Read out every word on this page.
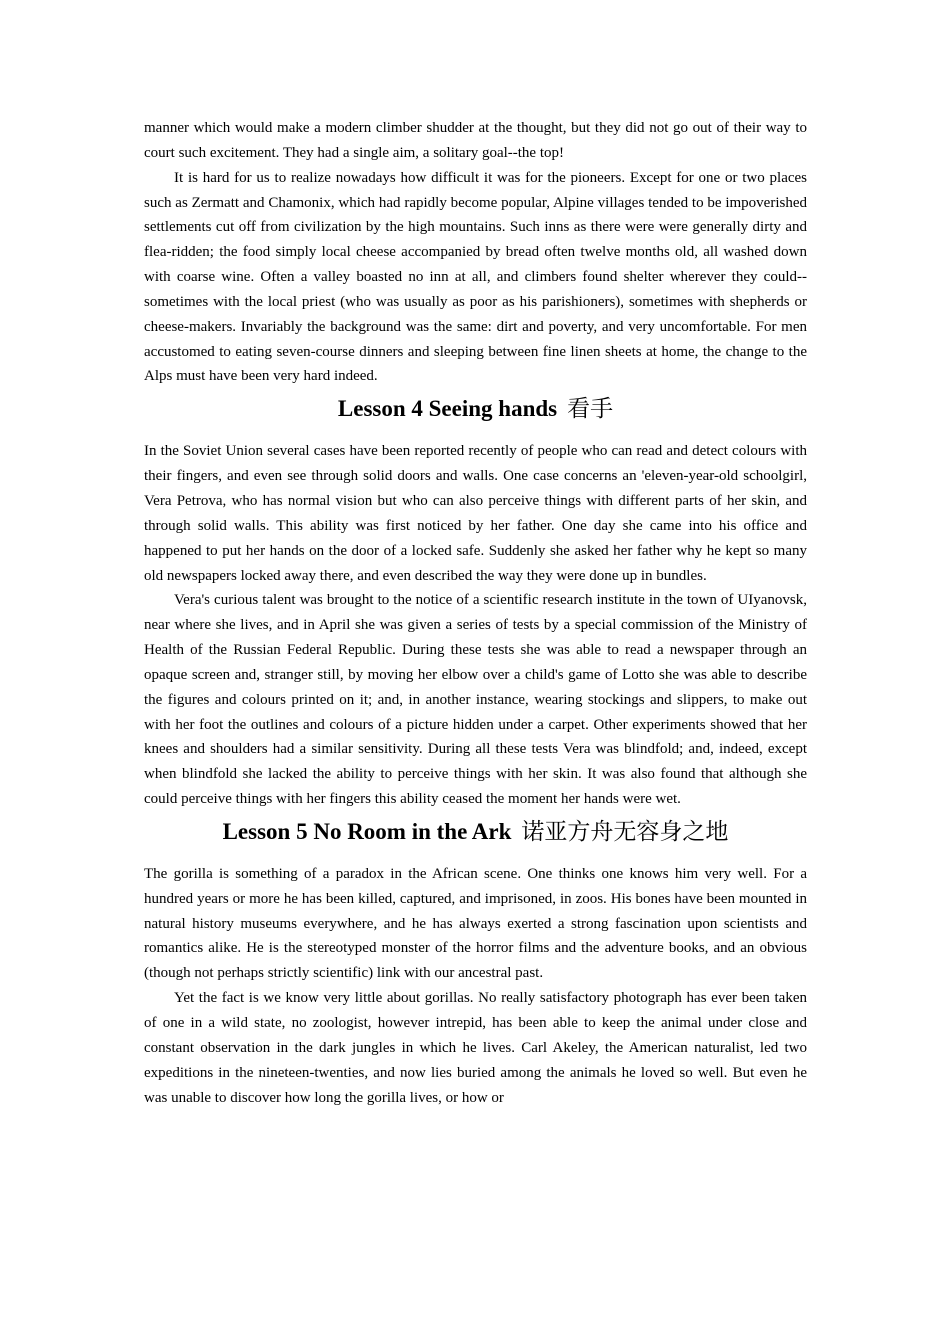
manner which would make a modern climber shudder at the thought, but they did not go out of their way to court such excitement. They had a single aim, a solitary goal--the top!

It is hard for us to realize nowadays how difficult it was for the pioneers. Except for one or two places such as Zermatt and Chamonix, which had rapidly become popular, Alpine villages tended to be impoverished settlements cut off from civilization by the high mountains. Such inns as there were were generally dirty and flea-ridden; the food simply local cheese accompanied by bread often twelve months old, all washed down with coarse wine. Often a valley boasted no inn at all, and climbers found shelter wherever they could--sometimes with the local priest (who was usually as poor as his parishioners), sometimes with shepherds or cheese-makers. Invariably the background was the same: dirt and poverty, and very uncomfortable. For men accustomed to eating seven-course dinners and sleeping between fine linen sheets at home, the change to the Alps must have been very hard indeed.

Lesson 4 Seeing hands 看手

In the Soviet Union several cases have been reported recently of people who can read and detect colours with their fingers, and even see through solid doors and walls. One case concerns an 'eleven-year-old schoolgirl, Vera Petrova, who has normal vision but who can also perceive things with different parts of her skin, and through solid walls. This ability was first noticed by her father. One day she came into his office and happened to put her hands on the door of a locked safe. Suddenly she asked her father why he kept so many old newspapers locked away there, and even described the way they were done up in bundles.

Vera's curious talent was brought to the notice of a scientific research institute in the town of UIyanovsk, near where she lives, and in April she was given a series of tests by a special commission of the Ministry of Health of the Russian Federal Republic. During these tests she was able to read a newspaper through an opaque screen and, stranger still, by moving her elbow over a child's game of Lotto she was able to describe the figures and colours printed on it; and, in another instance, wearing stockings and slippers, to make out with her foot the outlines and colours of a picture hidden under a carpet. Other experiments showed that her knees and shoulders had a similar sensitivity. During all these tests Vera was blindfold; and, indeed, except when blindfold she lacked the ability to perceive things with her skin. It was also found that although she could perceive things with her fingers this ability ceased the moment her hands were wet.

Lesson 5 No Room in the Ark 诺亚方舟无容身之地

The gorilla is something of a paradox in the African scene. One thinks one knows him very well. For a hundred years or more he has been killed, captured, and imprisoned, in zoos. His bones have been mounted in natural history museums everywhere, and he has always exerted a strong fascination upon scientists and romantics alike. He is the stereotyped monster of the horror films and the adventure books, and an obvious (though not perhaps strictly scientific) link with our ancestral past.

Yet the fact is we know very little about gorillas. No really satisfactory photograph has ever been taken of one in a wild state, no zoologist, however intrepid, has been able to keep the animal under close and constant observation in the dark jungles in which he lives. Carl Akeley, the American naturalist, led two expeditions in the nineteen-twenties, and now lies buried among the animals he loved so well. But even he was unable to discover how long the gorilla lives, or how or
